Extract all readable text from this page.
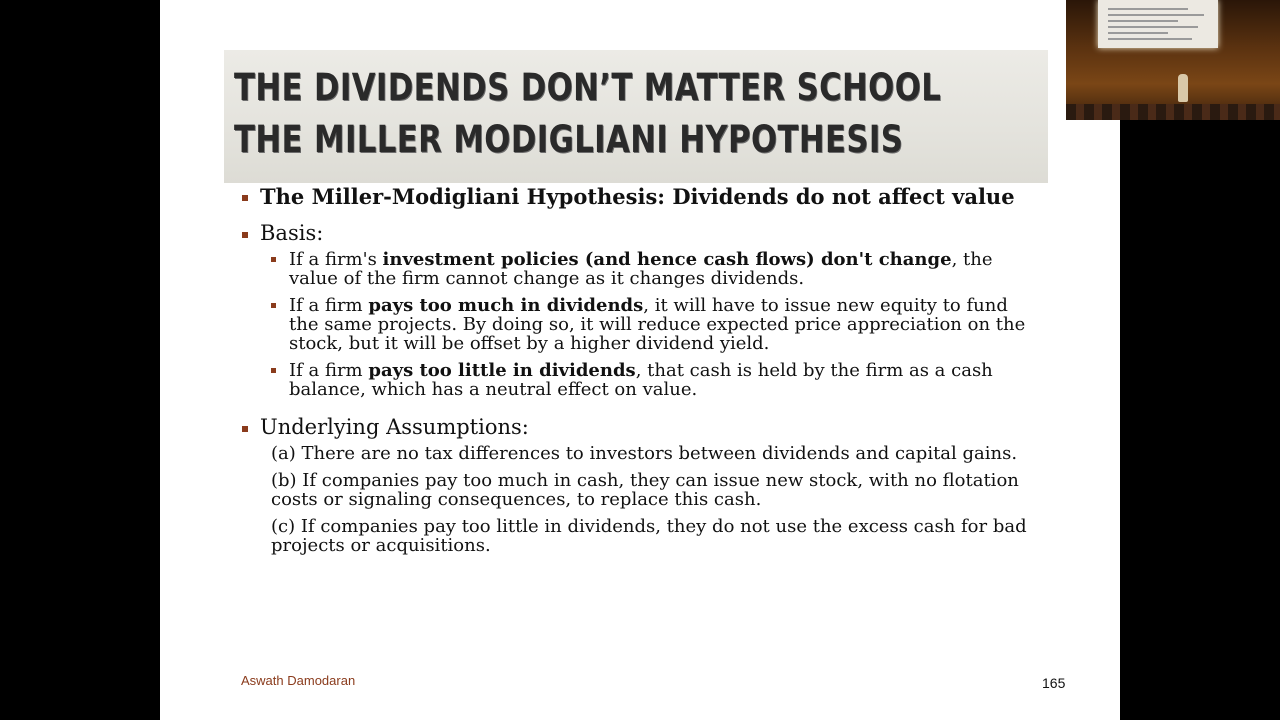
THE DIVIDENDS DON’T MATTER SCHOOL
THE MILLER MODIGLIANI HYPOTHESIS
The Miller-Modigliani Hypothesis: Dividends do not affect value
Basis:
If a firm's investment policies (and hence cash flows) don't change, the value of the firm cannot change as it changes dividends.
If a firm pays too much in dividends, it will have to issue new equity to fund the same projects. By doing so, it will reduce expected price appreciation on the stock, but it will be offset by a higher dividend yield.
If a firm pays too little in dividends, that cash is held by the firm as a cash balance, which has a neutral effect on value.
Underlying Assumptions:
(a) There are no tax differences to investors between dividends and capital gains.
(b) If companies pay too much in cash, they can issue new stock, with no flotation costs or signaling consequences, to replace this cash.
(c) If companies pay too little in dividends, they do not use the excess cash for bad projects or acquisitions.
Aswath Damodaran	165
